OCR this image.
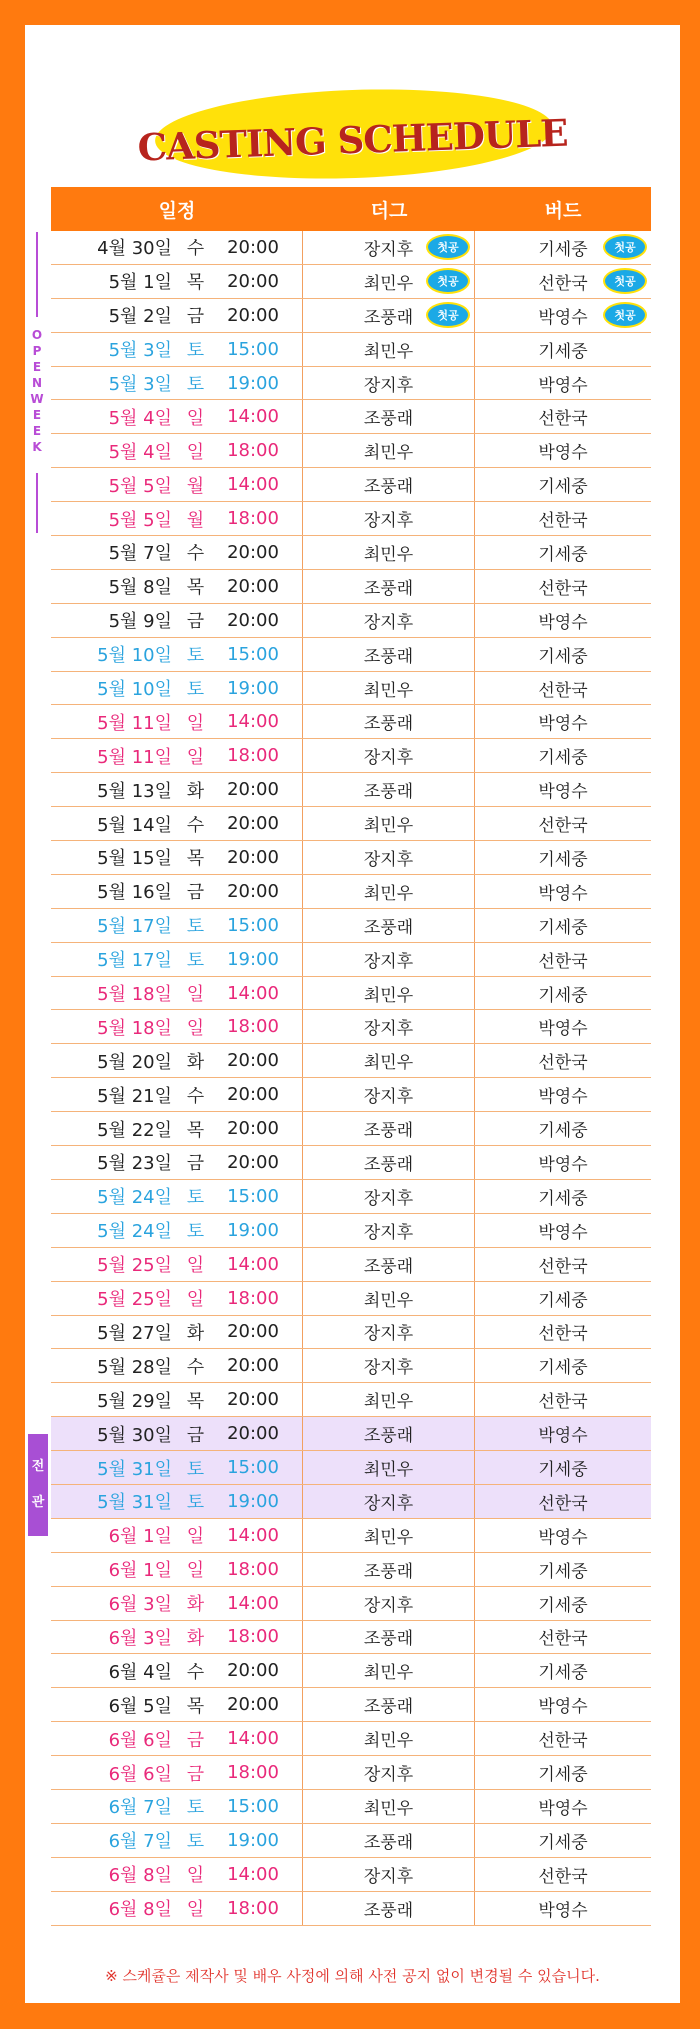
CASTING SCHEDULE
O
P
E
N
W
E
E
K
전
관
일정	더그	버드
4월 30일 수	20:00	장지후	첫공	기세중	첫공
5월 1일 목	20:00	최민우	첫공	선한국	첫공
5월 2일 금	20:00	조풍래	첫공	박영수	첫공
5월 3일 토	15:00	최민우	기세중
5월 3일 토	19:00	장지후	박영수
5월 4일 일	14:00	조풍래	선한국
5월 4일 일	18:00	최민우	박영수
5월 5일 월	14:00	조풍래	기세중
5월 5일 월	18:00	장지후	선한국
5월 7일 수	20:00	최민우	기세중
5월 8일 목	20:00	조풍래	선한국
5월 9일 금	20:00	장지후	박영수
5월 10일 토	15:00	조풍래	기세중
5월 10일 토	19:00	최민우	선한국
5월 11일 일	14:00	조풍래	박영수
5월 11일 일	18:00	장지후	기세중
5월 13일 화	20:00	조풍래	박영수
5월 14일 수	20:00	최민우	선한국
5월 15일 목	20:00	장지후	기세중
5월 16일 금	20:00	최민우	박영수
5월 17일 토	15:00	조풍래	기세중
5월 17일 토	19:00	장지후	선한국
5월 18일 일	14:00	최민우	기세중
5월 18일 일	18:00	장지후	박영수
5월 20일 화	20:00	최민우	선한국
5월 21일 수	20:00	장지후	박영수
5월 22일 목	20:00	조풍래	기세중
5월 23일 금	20:00	조풍래	박영수
5월 24일 토	15:00	장지후	기세중
5월 24일 토	19:00	장지후	박영수
5월 25일 일	14:00	조풍래	선한국
5월 25일 일	18:00	최민우	기세중
5월 27일 화	20:00	장지후	선한국
5월 28일 수	20:00	장지후	기세중
5월 29일 목	20:00	최민우	선한국
5월 30일 금	20:00	조풍래	박영수
5월 31일 토	15:00	최민우	기세중
5월 31일 토	19:00	장지후	선한국
6월 1일 일	14:00	최민우	박영수
6월 1일 일	18:00	조풍래	기세중
6월 3일 화	14:00	장지후	기세중
6월 3일 화	18:00	조풍래	선한국
6월 4일 수	20:00	최민우	기세중
6월 5일 목	20:00	조풍래	박영수
6월 6일 금	14:00	최민우	선한국
6월 6일 금	18:00	장지후	기세중
6월 7일 토	15:00	최민우	박영수
6월 7일 토	19:00	조풍래	기세중
6월 8일 일	14:00	장지후	선한국
6월 8일 일	18:00	조풍래	박영수
※ 스케쥴은 제작사 및 배우 사정에 의해 사전 공지 없이 변경될 수 있습니다.
